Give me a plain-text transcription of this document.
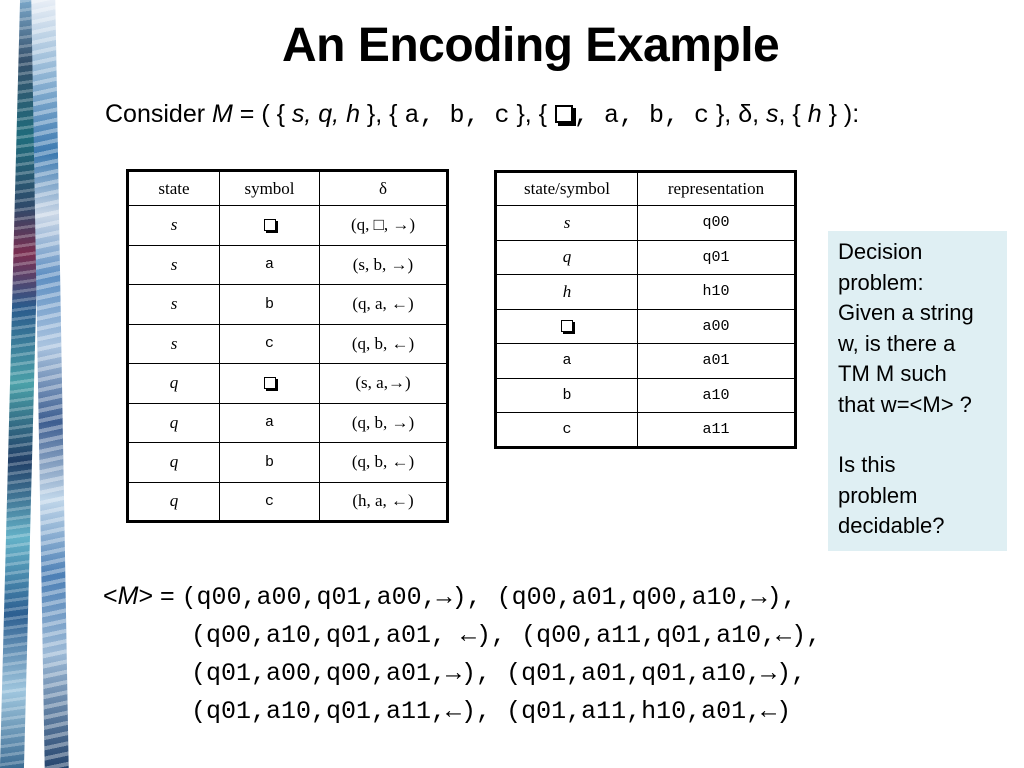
An Encoding Example
Consider M = ( { s, q, h }, { a, b, c }, { , a, b, c }, δ, s, { h } ):
state	symbol	δ
s		(q, □, →)
s	a	(s, b, →)
s	b	(q, a, ←)
s	c	(q, b, ←)
q		(s, a,→)
q	a	(q, b, →)
q	b	(q, b, ←)
q	c	(h, a, ←)
state/symbol	representation
s	q00
q	q01
h	h10
	a00
a	a01
b	a10
c	a11

Decision

problem:

Given a string

w, is there a

TM M such

that w=<M> ?

Is this

problem

decidable?

<M> = (q00,a00,q01,a00,→), (q00,a01,q00,a10,→),
(q00,a10,q01,a01, ←), (q00,a11,q01,a10,←),
(q01,a00,q00,a01,→), (q01,a01,q01,a10,→),
(q01,a10,q01,a11,←), (q01,a11,h10,a01,←)
